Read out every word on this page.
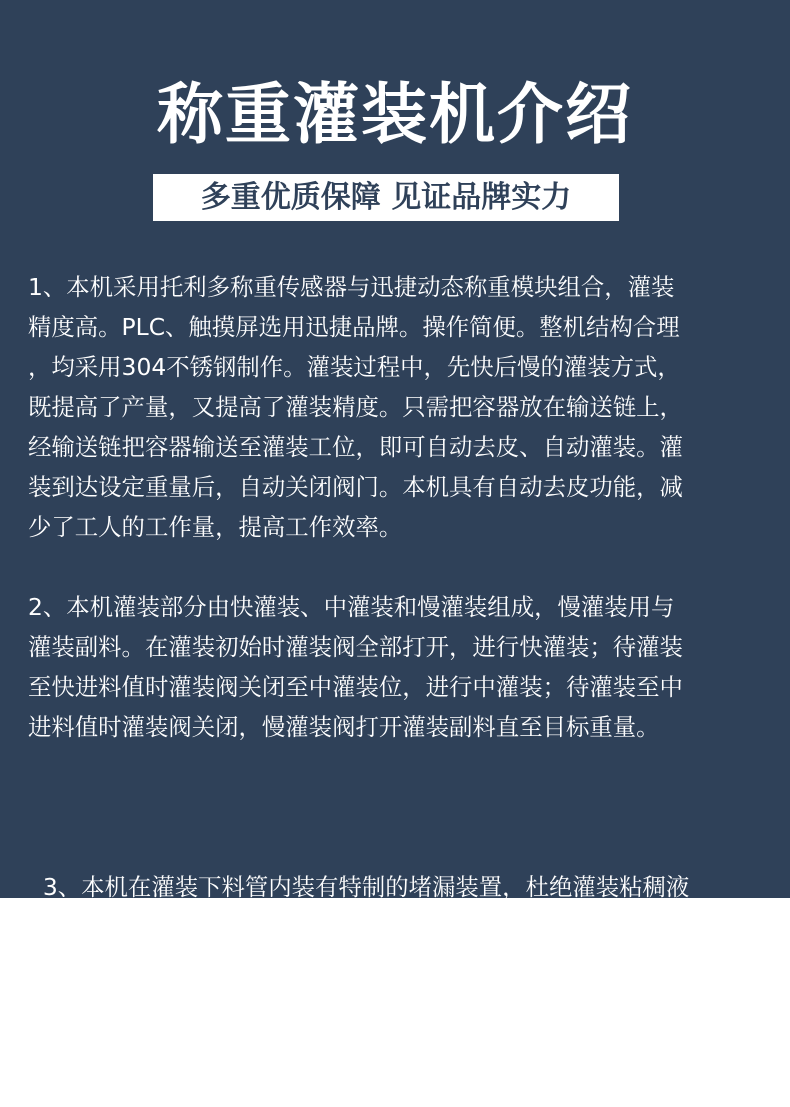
称重灌装机介绍
多重优质保障 见证品牌实力

1、本机采用托利多称重传感器与迅捷动态称重模块组合，灌装
精度高。PLC、触摸屏选用迅捷品牌。操作简便。整机结构合理
，均采用304不锈钢制作。灌装过程中，先快后慢的灌装方式，
既提高了产量，又提高了灌装精度。只需把容器放在输送链上，
经输送链把容器输送至灌装工位，即可自动去皮、自动灌装。灌
装到达设定重量后，自动关闭阀门。本机具有自动去皮功能，减
少了工人的工作量，提高工作效率。

2、本机灌装部分由快灌装、中灌装和慢灌装组成，慢灌装用与
灌装副料。在灌装初始时灌装阀全部打开，进行快灌装；待灌装
至快进料值时灌装阀关闭至中灌装位，进行中灌装；待灌装至中
进料值时灌装阀关闭，慢灌装阀打开灌装副料直至目标重量。

3、本机在灌装下料管内装有特制的堵漏装置，杜绝灌装粘稠液

体时的拉丝或滴漏现象。
